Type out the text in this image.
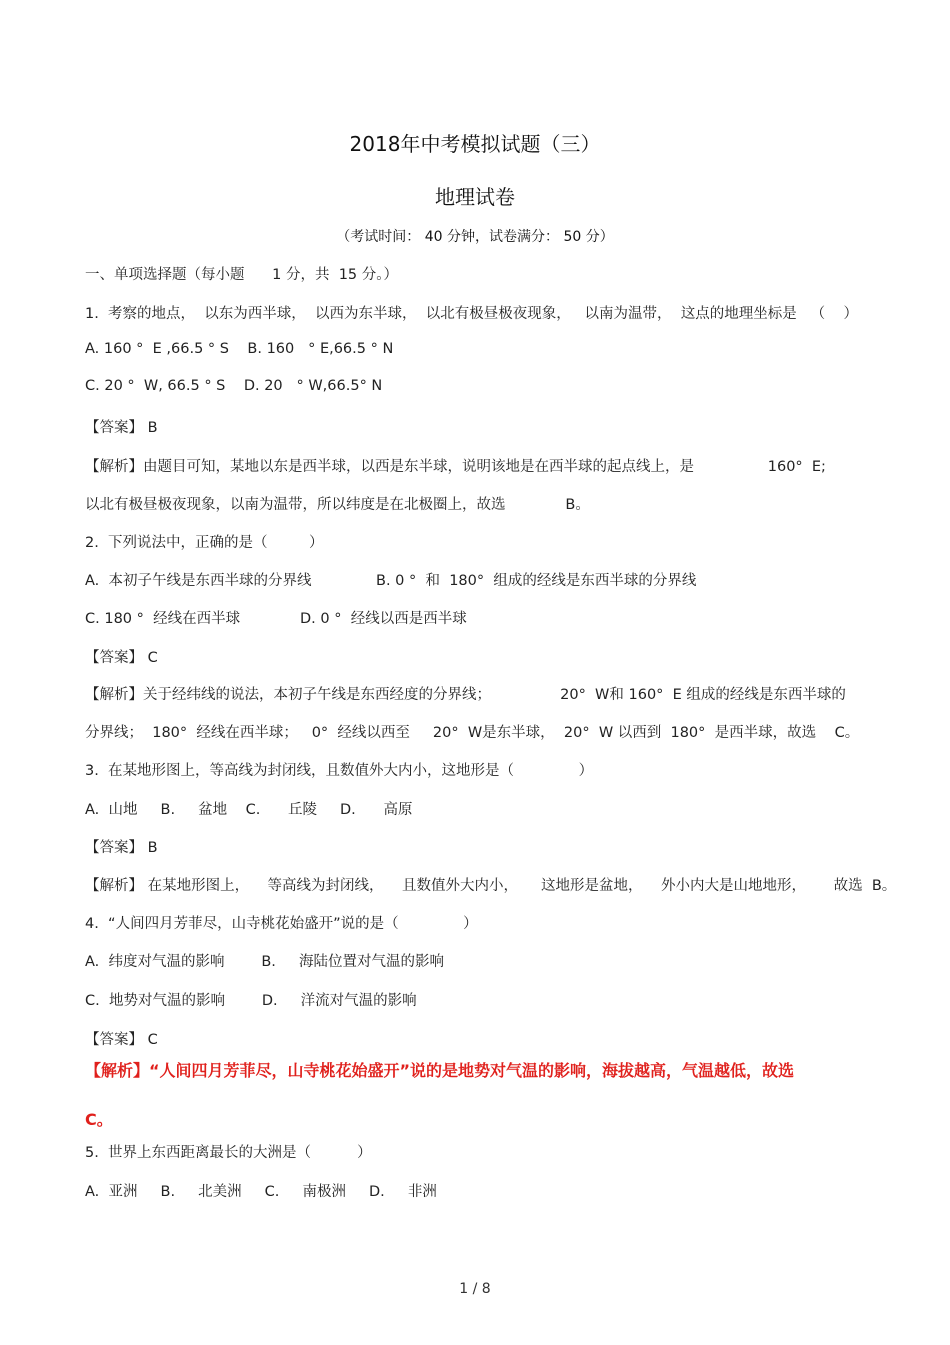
2018年中考模拟试题（三）
地理试卷
（考试时间： 40 分钟，试卷满分： 50 分）
一、单项选择题（每小题      1 分，共  15 分。）
1.  考察的地点，  以东为西半球，  以西为东半球，  以北有极昼极夜现象，   以南为温带，  这点的地理坐标是   （    ）
A. 160 °  E ,66.5 ° S    B. 160   ° E,66.5 ° N
C. 20 °  W, 66.5 ° S    D. 20   ° W,66.5° N
【答案】 B
【解析】由题目可知，某地以东是西半球，以西是东半球，说明该地是在西半球的起点线上，是                160°  E;
以北有极昼极夜现象，以南为温带，所以纬度是在北极圈上，故选             B。
2.  下列说法中，正确的是（         ）
A.  本初子午线是东西半球的分界线              B. 0 °  和  180°  组成的经线是东西半球的分界线
C. 180 °  经线在西半球             D. 0 °  经线以西是西半球
【答案】 C
【解析】关于经纬线的说法，本初子午线是东西经度的分界线；               20°  W和 160°  E 组成的经线是东西半球的
分界线；  180°  经线在西半球；   0°  经线以西至     20°  W是东半球，  20°  W 以西到  180°  是西半球，故选    C。
3.  在某地形图上，等高线为封闭线，且数值外大内小，这地形是（              ）
A.  山地     B.     盆地    C.      丘陵     D.      高原
【答案】 B
【解析】 在某地形图上，    等高线为封闭线，    且数值外大内小，     这地形是盆地，    外小内大是山地地形，      故选  B。
4.  “人间四月芳菲尽，山寺桃花始盛开”说的是（              ）
A.  纬度对气温的影响        B.     海陆位置对气温的影响
C.  地势对气温的影响        D.     洋流对气温的影响
【答案】 C
【解析】“人间四月芳菲尽，山寺桃花始盛开”说的是地势对气温的影响，海拔越高，气温越低，故选
C。
5.  世界上东西距离最长的大洲是（          ）
A.  亚洲     B.     北美洲     C.     南极洲     D.     非洲
1 / 8
